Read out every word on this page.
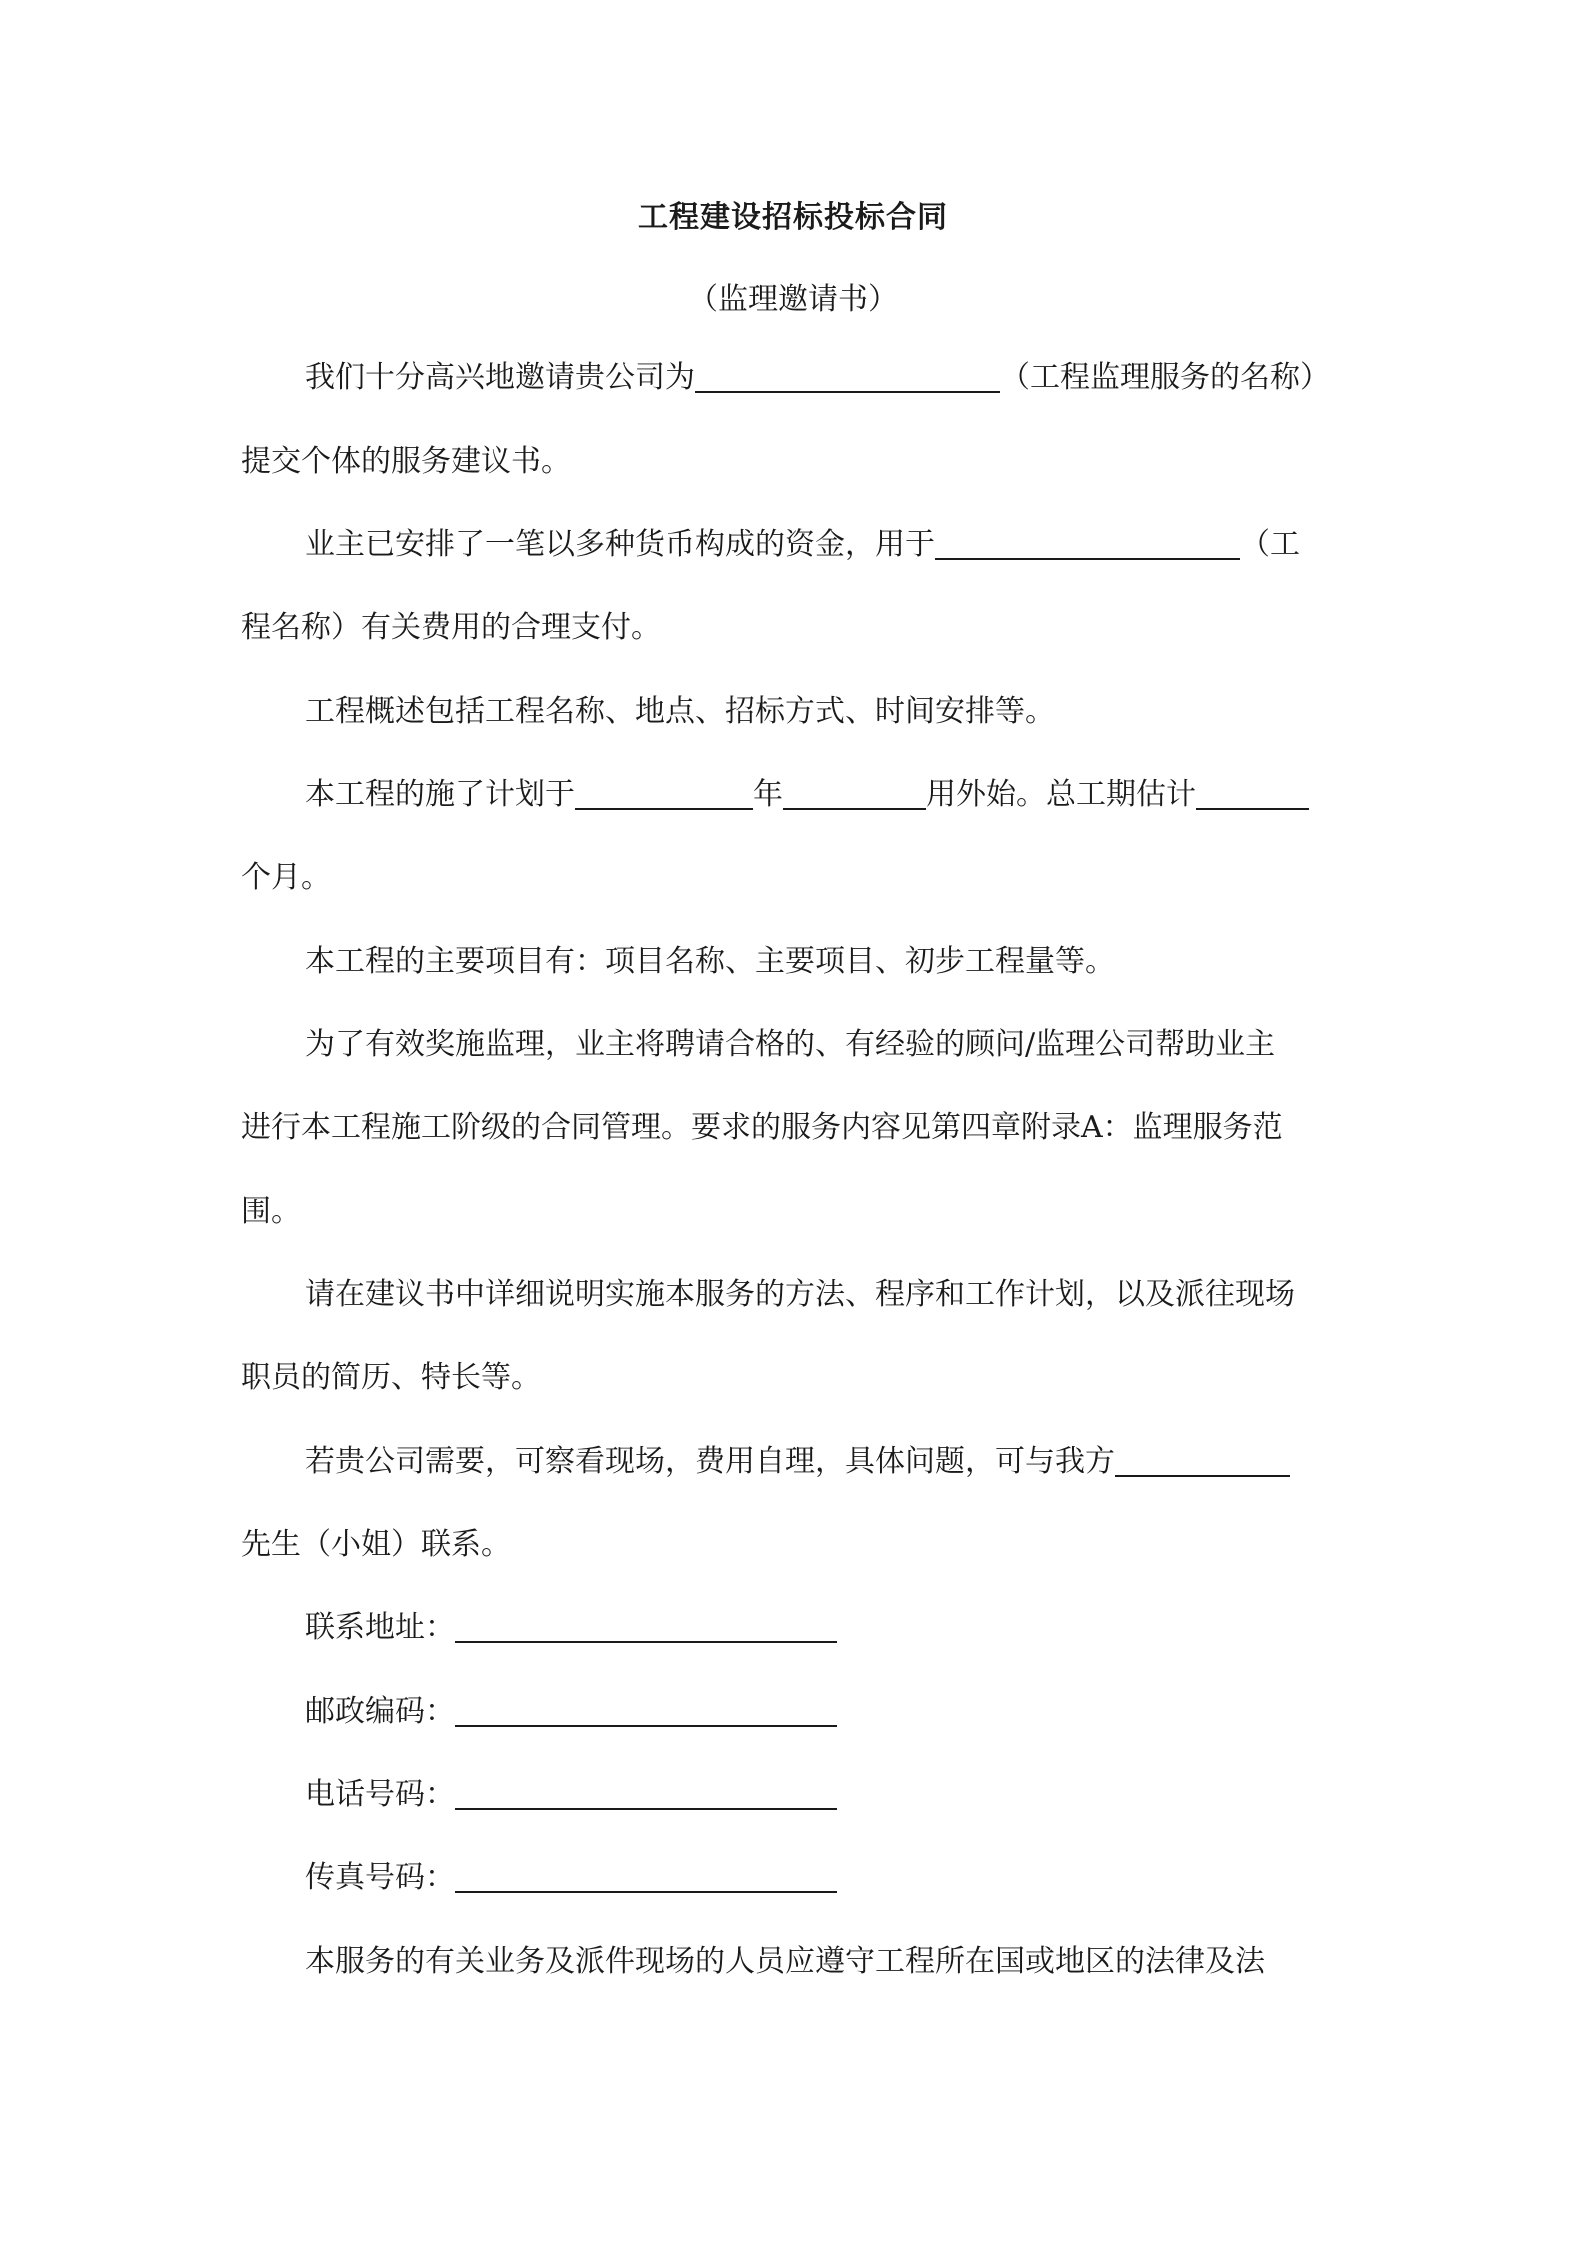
工程建设招标投标合同
（监理邀请书）
我们十分高兴地邀请贵公司为	（工程监理服务的名称）
提交个体的服务建议书。
业主已安排了一笔以多种货币构成的资金，用于	（工
程名称）有关费用的合理支付。
工程概述包括工程名称、地点、招标方式、时间安排等。
本工程的施了计划于	年	用外始。总工期估计
个月。
本工程的主要项目有：项目名称、主要项目、初步工程量等。
为了有效奖施监理，业主将聘请合格的、有经验的顾问/监理公司帮助业主
进行本工程施工阶级的合同管理。要求的服务内容见第四章附录A：监理服务范
围。
请在建议书中详细说明实施本服务的方法、程序和工作计划，以及派往现场
职员的简历、特长等。
若贵公司需要，可察看现场，费用自理，具体问题，可与我方
先生（小姐）联系。
联系地址：
邮政编码：
电话号码：
传真号码：
本服务的有关业务及派件现场的人员应遵守工程所在国或地区的法律及法
